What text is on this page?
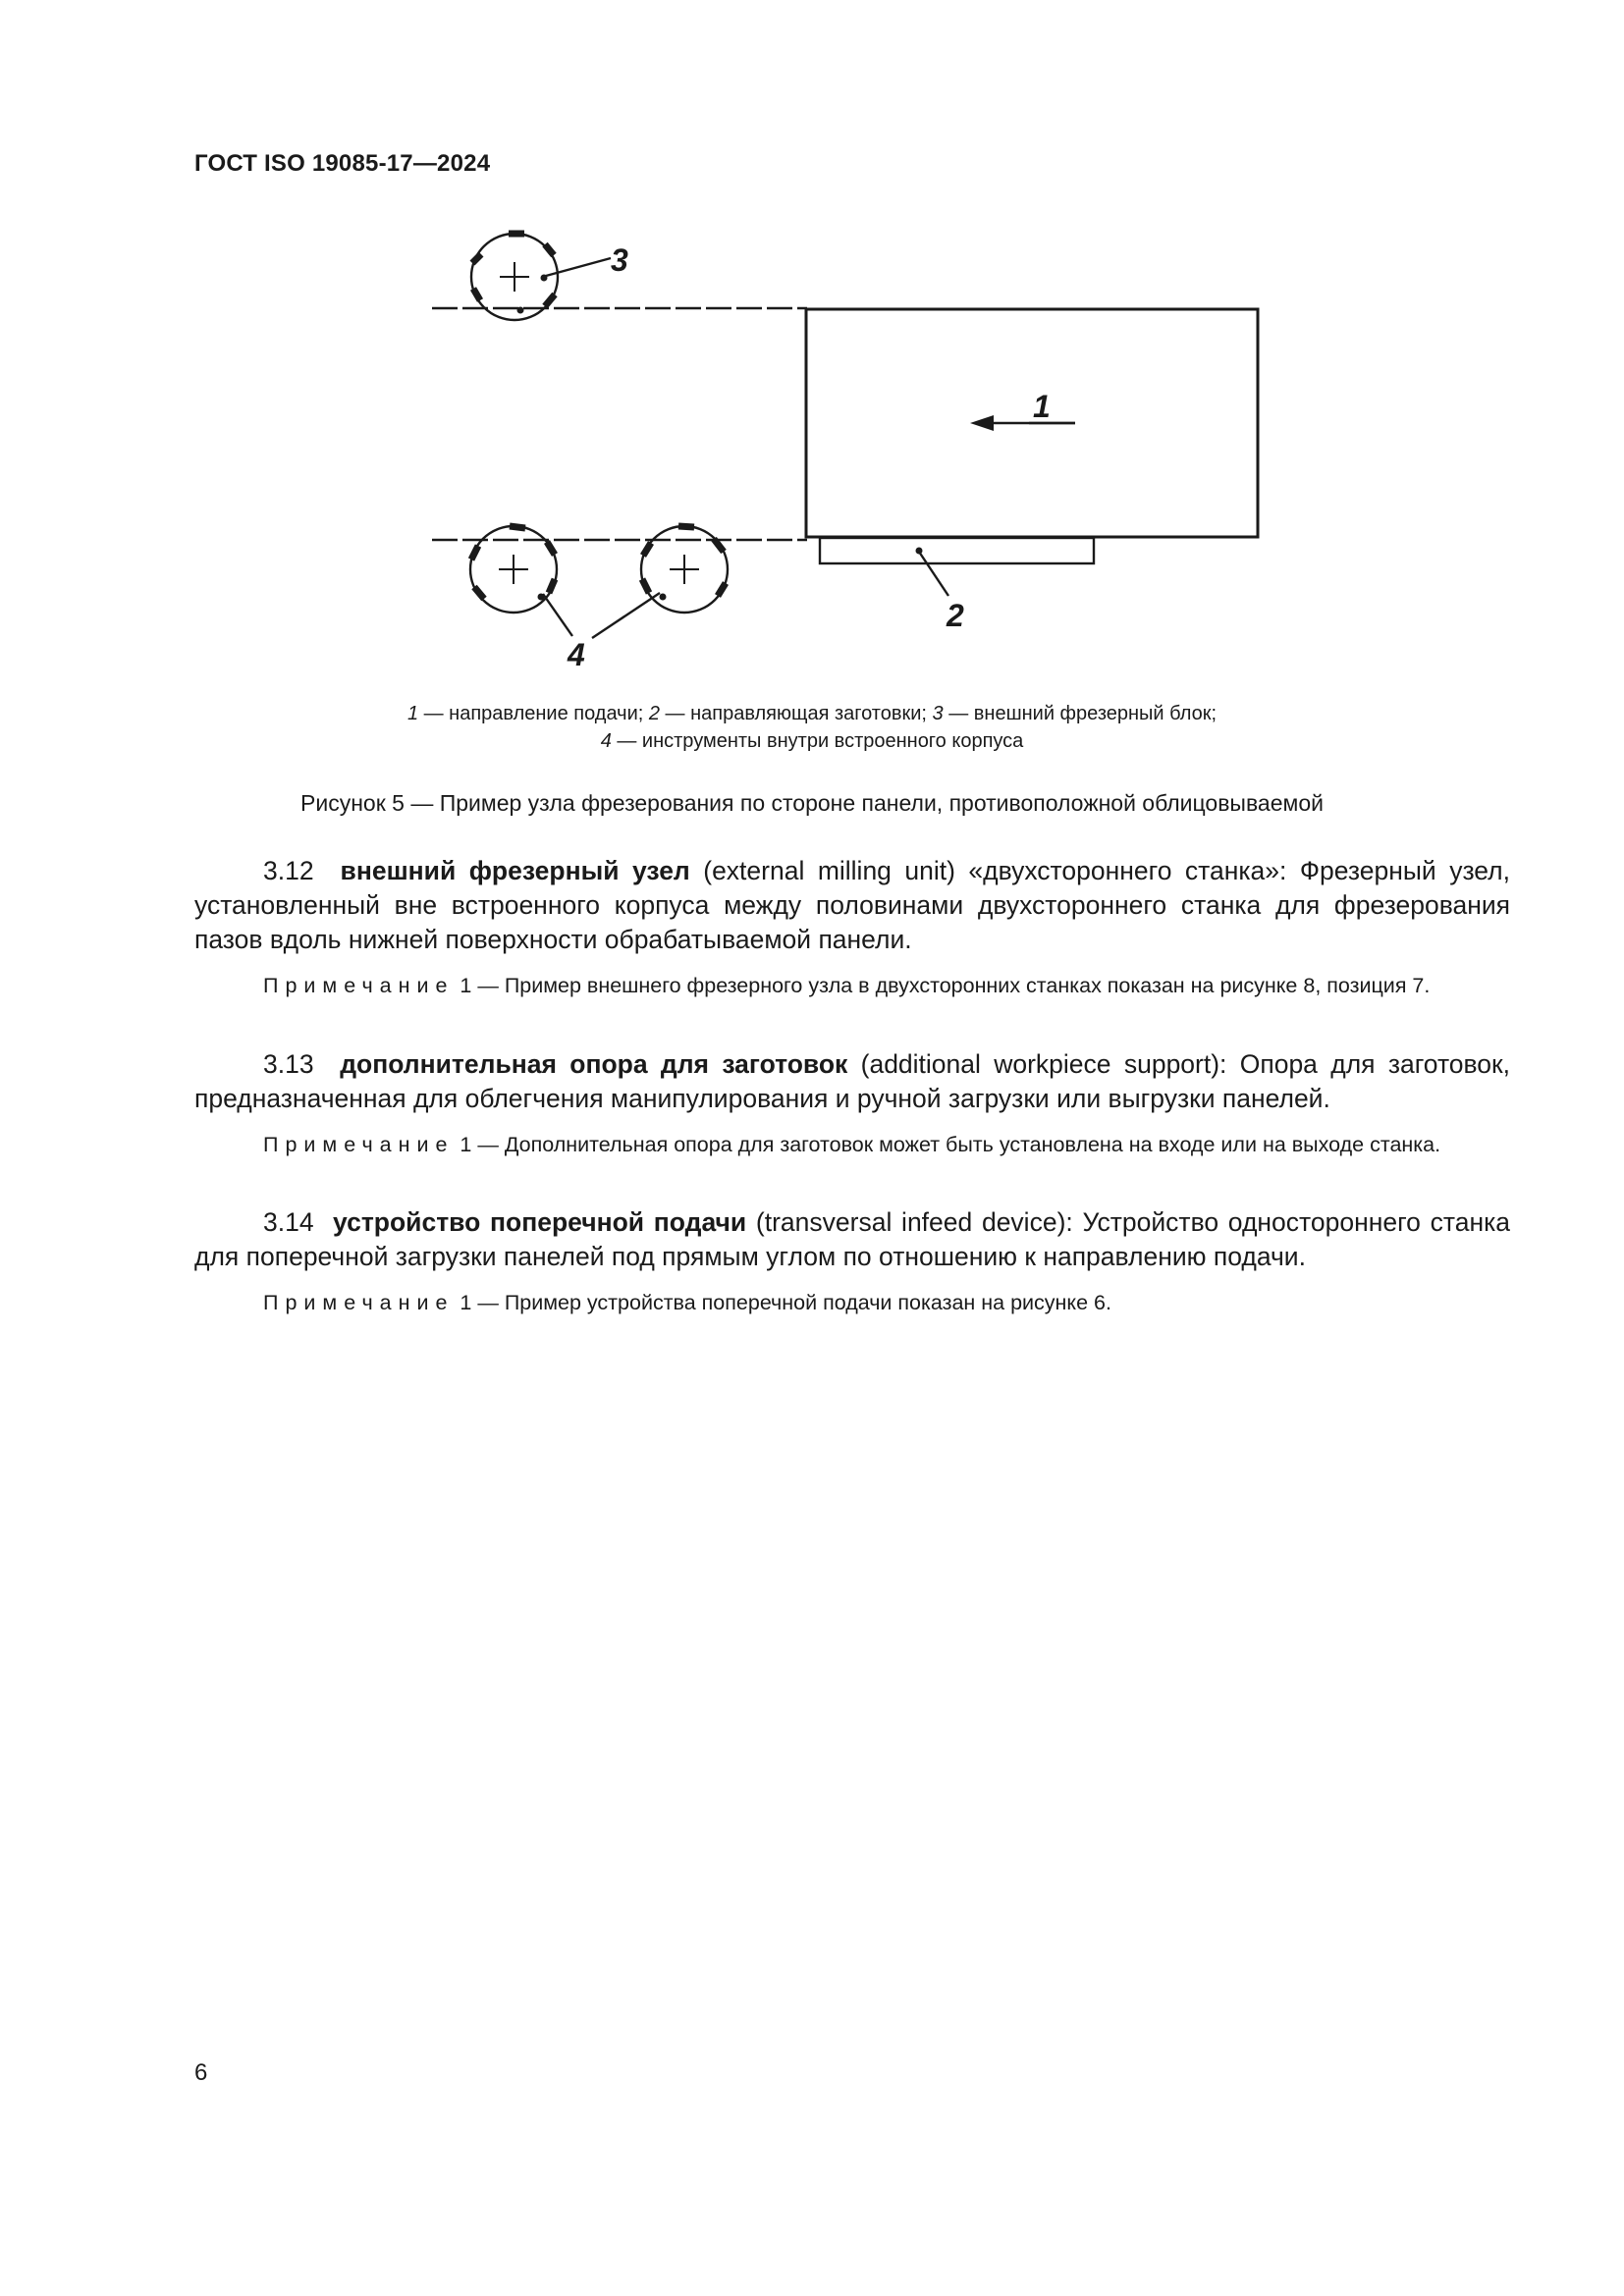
ГОСТ ISO 19085-17—2024
3
1
2
4
1 — направление подачи; 2 — направляющая заготовки; 3 — внешний фрезерный блок;
4 — инструменты внутри встроенного корпуса
Рисунок 5 — Пример узла фрезерования по стороне панели, противоположной облицовываемой

3.12 внешний фрезерный узел (external milling unit) «двухстороннего станка»: Фрезерный узел, установленный вне встроенного корпуса между половинами двухстороннего станка для фрезерования пазов вдоль нижней поверхности обрабатываемой панели.

Примечание 1 — Пример внешнего фрезерного узла в двухсторонних станках показан на рисунке 8, позиция 7.

3.13 дополнительная опора для заготовок (additional workpiece support): Опора для заготовок, предназначенная для облегчения манипулирования и ручной загрузки или выгрузки панелей.

Примечание 1 — Дополнительная опора для заготовок может быть установлена на входе или на выходе станка.

3.14 устройство поперечной подачи (transversal infeed device): Устройство одностороннего станка для поперечной загрузки панелей под прямым углом по отношению к направлению подачи.

Примечание 1 — Пример устройства поперечной подачи показан на рисунке 6.

6
